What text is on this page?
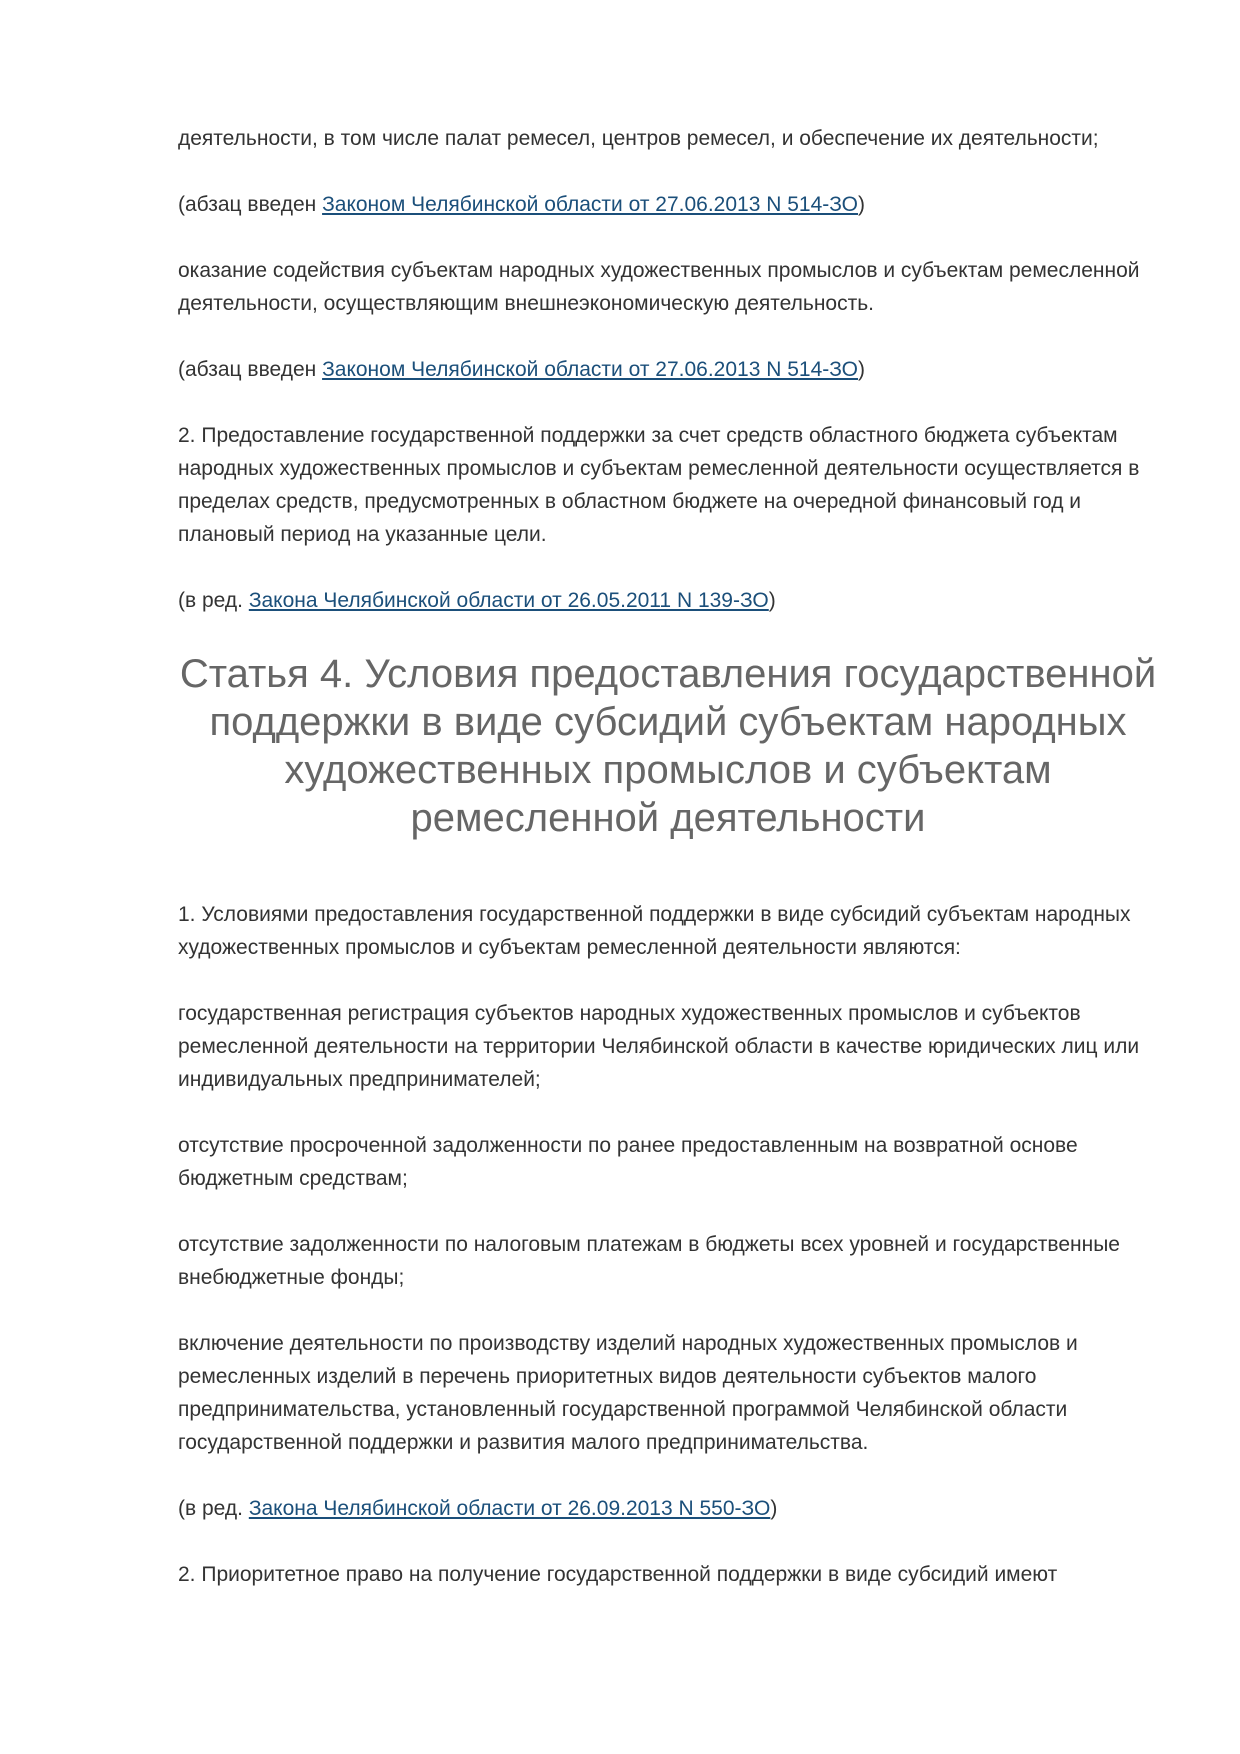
деятельности, в том числе палат ремесел, центров ремесел, и обеспечение их деятельности;

(абзац введен Законом Челябинской области от 27.06.2013 N 514-ЗО)

оказание содействия субъектам народных художественных промыслов и субъектам ремесленной деятельности, осуществляющим внешнеэкономическую деятельность.

(абзац введен Законом Челябинской области от 27.06.2013 N 514-ЗО)

2. Предоставление государственной поддержки за счет средств областного бюджета субъектам народных художественных промыслов и субъектам ремесленной деятельности осуществляется в пределах средств, предусмотренных в областном бюджете на очередной финансовый год и плановый период на указанные цели.

(в ред. Закона Челябинской области от 26.05.2011 N 139-ЗО)

Статья 4. Условия предоставления государственной поддержки в виде субсидий субъектам народных художественных промыслов и субъектам ремесленной деятельности

1. Условиями предоставления государственной поддержки в виде субсидий субъектам народных художественных промыслов и субъектам ремесленной деятельности являются:

государственная регистрация субъектов народных художественных промыслов и субъектов ремесленной деятельности на территории Челябинской области в качестве юридических лиц или индивидуальных предпринимателей;

отсутствие просроченной задолженности по ранее предоставленным на возвратной основе бюджетным средствам;

отсутствие задолженности по налоговым платежам в бюджеты всех уровней и государственные внебюджетные фонды;

включение деятельности по производству изделий народных художественных промыслов и ремесленных изделий в перечень приоритетных видов деятельности субъектов малого предпринимательства, установленный государственной программой Челябинской области государственной поддержки и развития малого предпринимательства.

(в ред. Закона Челябинской области от 26.09.2013 N 550-ЗО)

2. Приоритетное право на получение государственной поддержки в виде субсидий имеют
